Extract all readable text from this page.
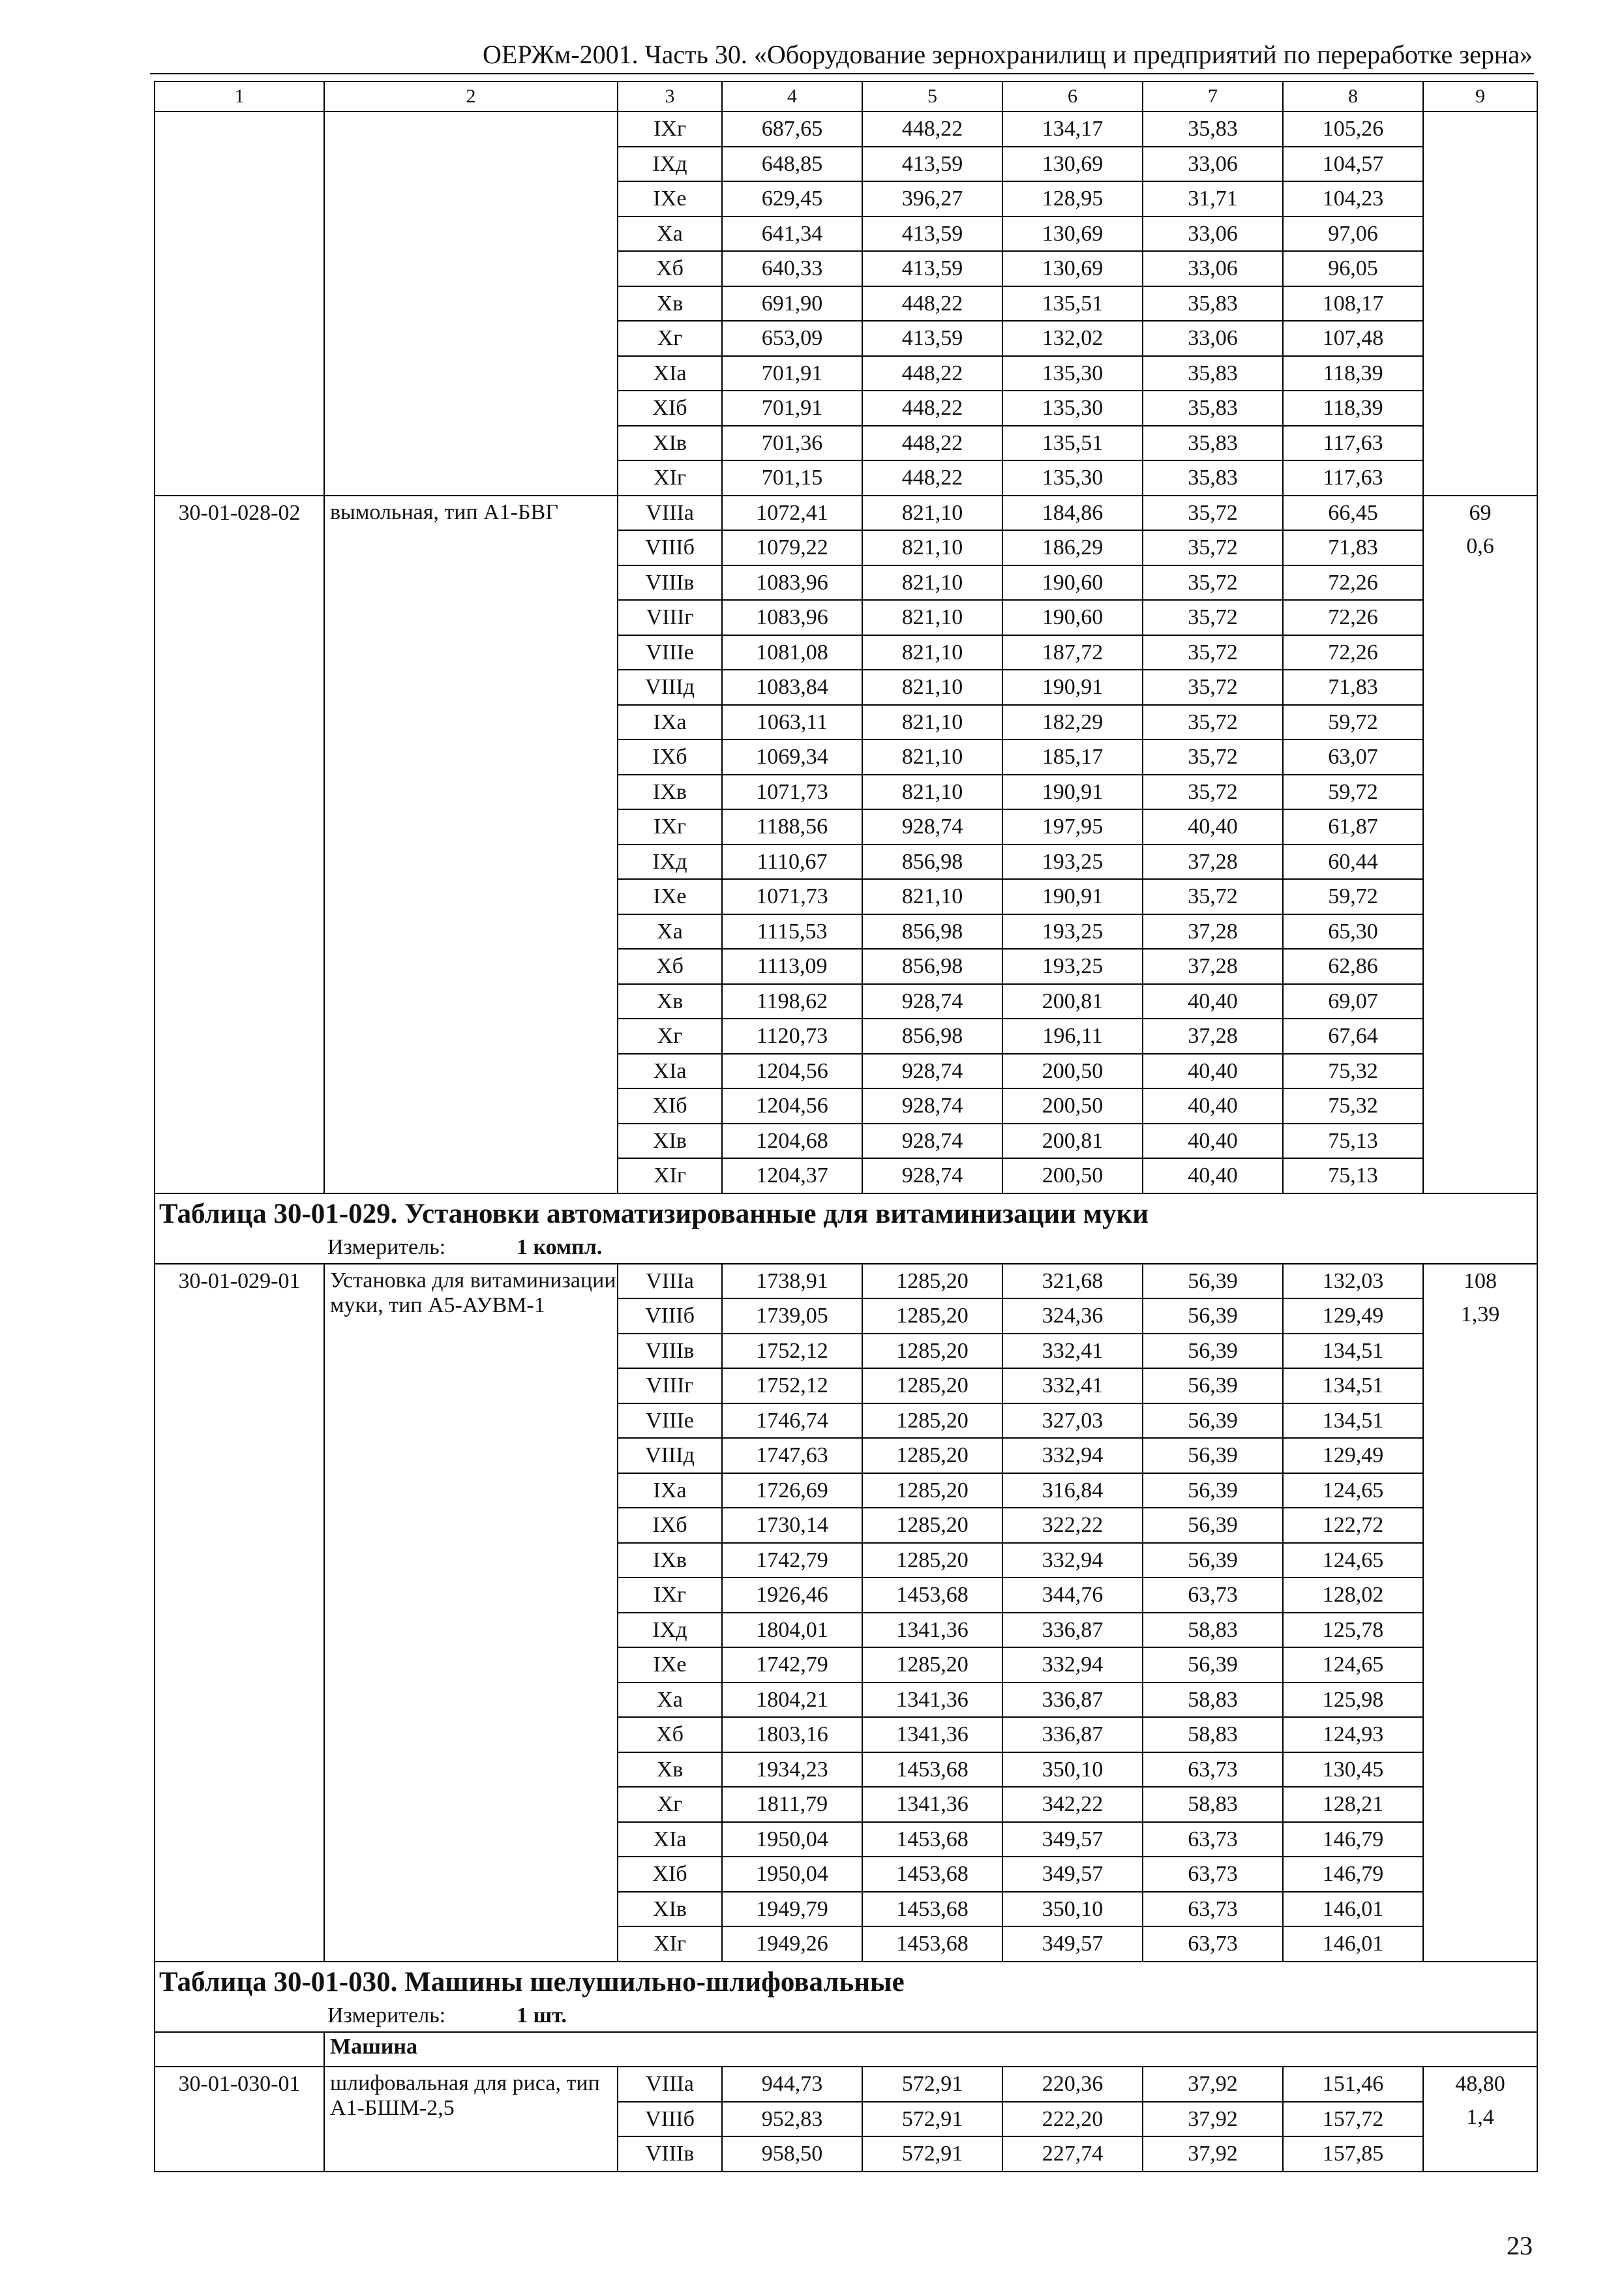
ОЕРЖм-2001. Часть 30. «Оборудование зернохранилищ и предприятий по переработке зерна»
1	2	3	4	5	6	7	8	9
		IXг	687,65	448,22	134,17	35,83	105,26	
		IXд	648,85	413,59	130,69	33,06	104,57	
		IXе	629,45	396,27	128,95	31,71	104,23	
		Xа	641,34	413,59	130,69	33,06	97,06	
		Xб	640,33	413,59	130,69	33,06	96,05	
		Xв	691,90	448,22	135,51	35,83	108,17	
		Xг	653,09	413,59	132,02	33,06	107,48	
		XIа	701,91	448,22	135,30	35,83	118,39	
		XIб	701,91	448,22	135,30	35,83	118,39	
		XIв	701,36	448,22	135,51	35,83	117,63	
		XIг	701,15	448,22	135,30	35,83	117,63	
30-01-028-02	вымольная, тип А1-БВГ	VIIIа	1072,41	821,10	184,86	35,72	66,45	69
0,6

		VIIIб	1079,22	821,10	186,29	35,72	71,83	
		VIIIв	1083,96	821,10	190,60	35,72	72,26	
		VIIIг	1083,96	821,10	190,60	35,72	72,26	
		VIIIе	1081,08	821,10	187,72	35,72	72,26	
		VIIIд	1083,84	821,10	190,91	35,72	71,83	
		IXа	1063,11	821,10	182,29	35,72	59,72	
		IXб	1069,34	821,10	185,17	35,72	63,07	
		IXв	1071,73	821,10	190,91	35,72	59,72	
		IXг	1188,56	928,74	197,95	40,40	61,87	
		IXд	1110,67	856,98	193,25	37,28	60,44	
		IXе	1071,73	821,10	190,91	35,72	59,72	
		Xа	1115,53	856,98	193,25	37,28	65,30	
		Xб	1113,09	856,98	193,25	37,28	62,86	
		Xв	1198,62	928,74	200,81	40,40	69,07	
		Xг	1120,73	856,98	196,11	37,28	67,64	
		XIа	1204,56	928,74	200,50	40,40	75,32	
		XIб	1204,56	928,74	200,50	40,40	75,32	
		XIв	1204,68	928,74	200,81	40,40	75,13	
		XIг	1204,37	928,74	200,50	40,40	75,13	
Таблица 30-01-029. Установки автоматизированные для витаминизации муки								
Измеритель: 1 компл.								
30-01-029-01	Установка для витаминизации муки, тип А5-АУВМ-1	VIIIа	1738,91	1285,20	321,68	56,39	132,03	108
1,39

		VIIIб	1739,05	1285,20	324,36	56,39	129,49	
		VIIIв	1752,12	1285,20	332,41	56,39	134,51	
		VIIIг	1752,12	1285,20	332,41	56,39	134,51	
		VIIIе	1746,74	1285,20	327,03	56,39	134,51	
		VIIIд	1747,63	1285,20	332,94	56,39	129,49	
		IXа	1726,69	1285,20	316,84	56,39	124,65	
		IXб	1730,14	1285,20	322,22	56,39	122,72	
		IXв	1742,79	1285,20	332,94	56,39	124,65	
		IXг	1926,46	1453,68	344,76	63,73	128,02	
		IXд	1804,01	1341,36	336,87	58,83	125,78	
		IXе	1742,79	1285,20	332,94	56,39	124,65	
		Xа	1804,21	1341,36	336,87	58,83	125,98	
		Xб	1803,16	1341,36	336,87	58,83	124,93	
		Xв	1934,23	1453,68	350,10	63,73	130,45	
		Xг	1811,79	1341,36	342,22	58,83	128,21	
		XIа	1950,04	1453,68	349,57	63,73	146,79	
		XIб	1950,04	1453,68	349,57	63,73	146,79	
		XIв	1949,79	1453,68	350,10	63,73	146,01	
		XIг	1949,26	1453,68	349,57	63,73	146,01	
Таблица 30-01-030. Машины шелушильно-шлифовальные								
Измеритель: 1 шт.								
	Машина							
30-01-030-01	шлифовальная для риса, тип А1-БШМ-2,5	VIIIа	944,73	572,91	220,36	37,92	151,46	48,80
1,4

		VIIIб	952,83	572,91	222,20	37,92	157,72	
		VIIIв	958,50	572,91	227,74	37,92	157,85	
23
